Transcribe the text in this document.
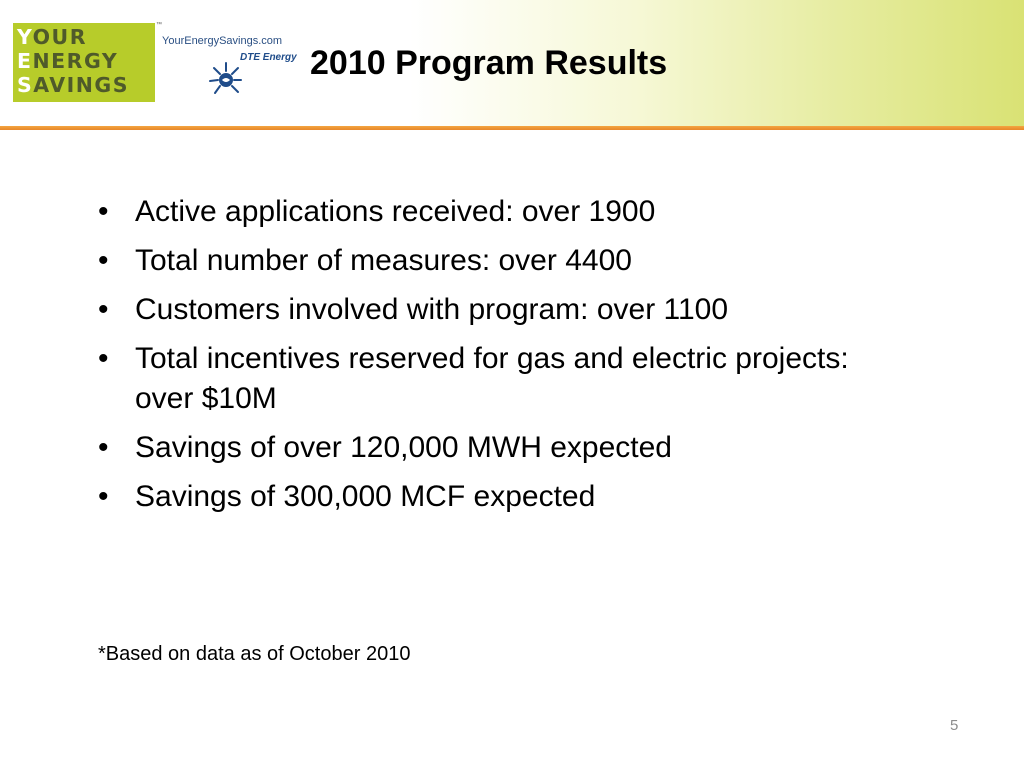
YOUR
ENERGY
SAVINGS
™
YourEnergySavings.com
DTE Energy 2010 Program Results
• Active applications received: over 1900
• Total number of measures: over 4400
• Customers involved with program: over 1100
• Total incentives reserved for gas and electric projects: over $10M
• Savings of over 120,000 MWH expected
• Savings of 300,000 MCF expected
*Based on data as of October 2010
5
